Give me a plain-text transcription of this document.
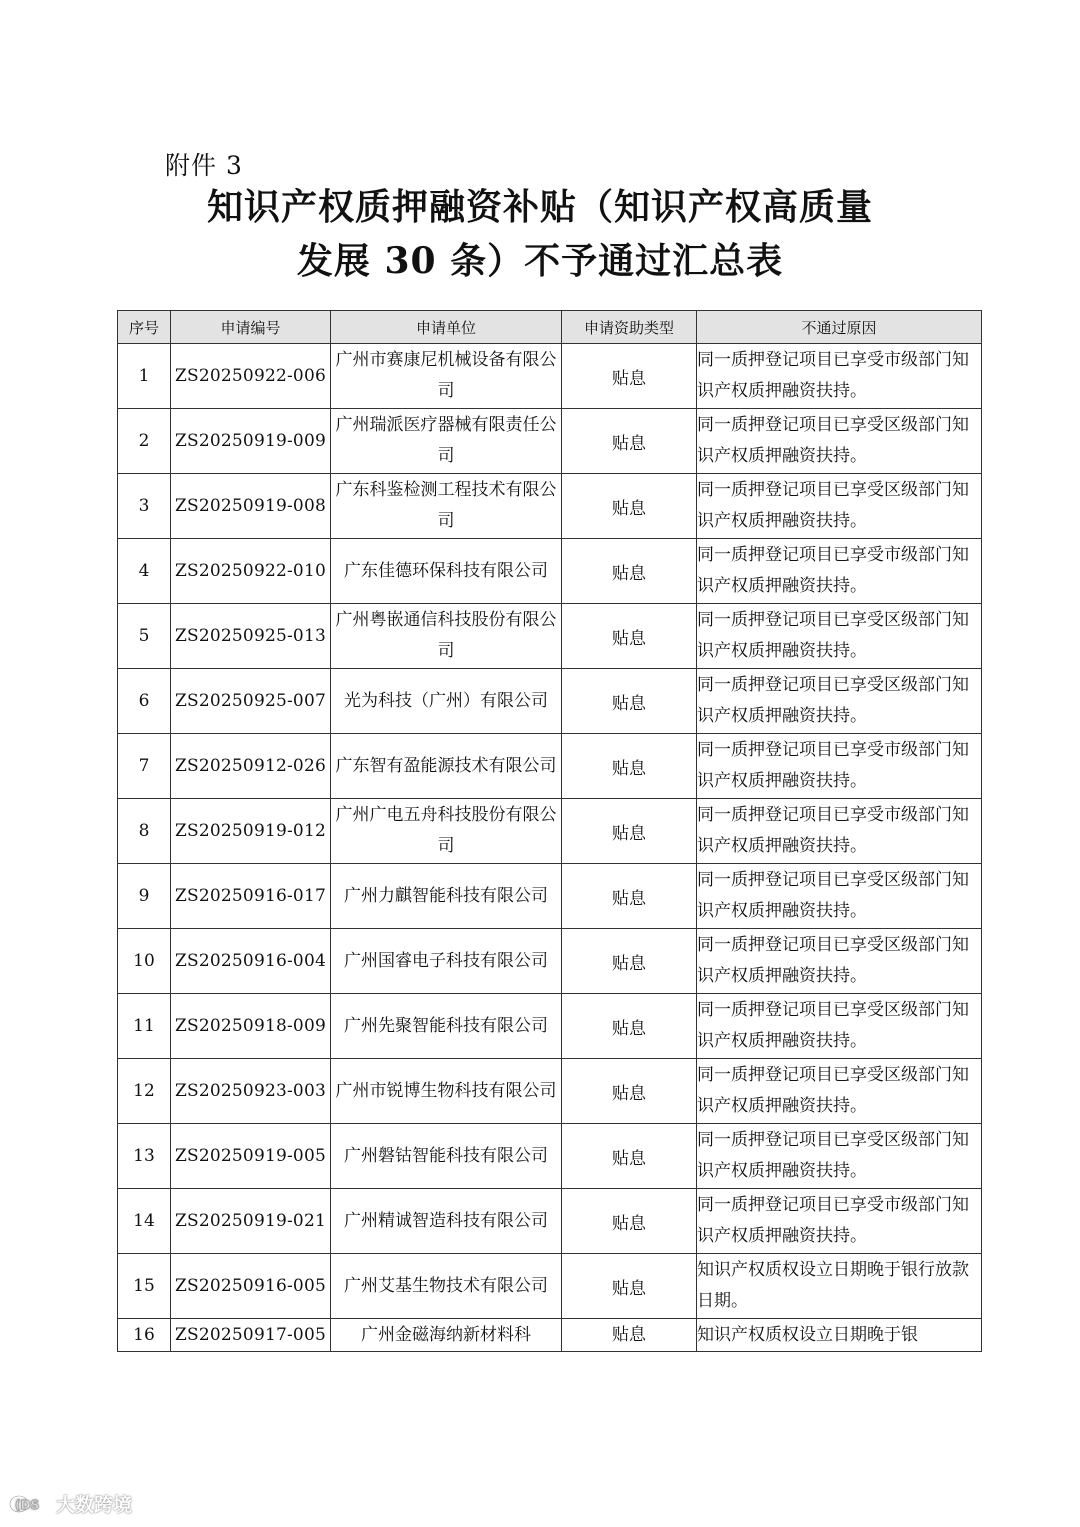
附件 3
知识产权质押融资补贴（知识产权高质量
发展 30 条）不予通过汇总表
序号	申请编号	申请单位	申请资助类型	不通过原因
1	ZS20250922-006	广州市赛康尼机械设备有限公司	贴息	同一质押登记项目已享受市级部门知识产权质押融资扶持。
2	ZS20250919-009	广州瑞派医疗器械有限责任公司	贴息	同一质押登记项目已享受区级部门知识产权质押融资扶持。
3	ZS20250919-008	广东科鉴检测工程技术有限公司	贴息	同一质押登记项目已享受区级部门知识产权质押融资扶持。
4	ZS20250922-010	广东佳德环保科技有限公司	贴息	同一质押登记项目已享受市级部门知识产权质押融资扶持。
5	ZS20250925-013	广州粤嵌通信科技股份有限公司	贴息	同一质押登记项目已享受区级部门知识产权质押融资扶持。
6	ZS20250925-007	光为科技（广州）有限公司	贴息	同一质押登记项目已享受区级部门知识产权质押融资扶持。
7	ZS20250912-026	广东智有盈能源技术有限公司	贴息	同一质押登记项目已享受市级部门知识产权质押融资扶持。
8	ZS20250919-012	广州广电五舟科技股份有限公司	贴息	同一质押登记项目已享受市级部门知识产权质押融资扶持。
9	ZS20250916-017	广州力麒智能科技有限公司	贴息	同一质押登记项目已享受区级部门知识产权质押融资扶持。
10	ZS20250916-004	广州国睿电子科技有限公司	贴息	同一质押登记项目已享受区级部门知识产权质押融资扶持。
11	ZS20250918-009	广州先聚智能科技有限公司	贴息	同一质押登记项目已享受区级部门知识产权质押融资扶持。
12	ZS20250923-003	广州市锐博生物科技有限公司	贴息	同一质押登记项目已享受区级部门知识产权质押融资扶持。
13	ZS20250919-005	广州磐钴智能科技有限公司	贴息	同一质押登记项目已享受区级部门知识产权质押融资扶持。
14	ZS20250919-021	广州精诚智造科技有限公司	贴息	同一质押登记项目已享受市级部门知识产权质押融资扶持。
15	ZS20250916-005	广州艾基生物技术有限公司	贴息	知识产权质权设立日期晚于银行放款日期。
16	ZS20250917-005	广州金磁海纳新材料科	贴息	知识产权质权设立日期晚于银
(DS 大数跨境
